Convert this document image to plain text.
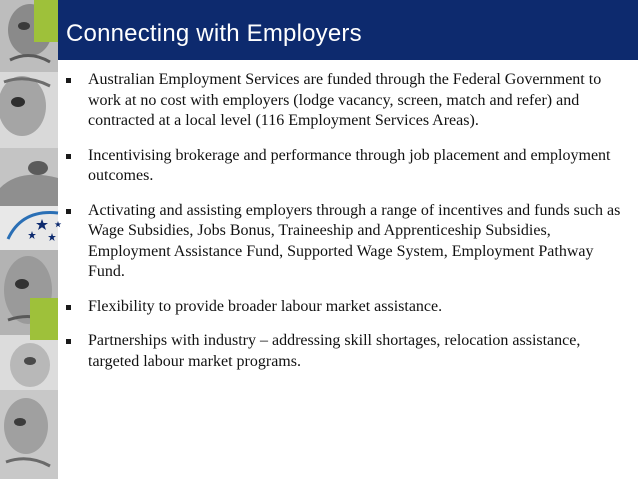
Connecting with Employers
Australian Employment Services are funded through the Federal Government to work at no cost with employers (lodge vacancy, screen, match and refer) and contracted at a local level (116 Employment Services Areas).
Incentivising brokerage and performance through job placement and employment outcomes.
Activating and assisting employers through a range of incentives and funds such as Wage Subsidies, Jobs Bonus, Traineeship and Apprenticeship Subsidies, Employment Assistance Fund, Supported Wage System, Employment Pathway Fund.
Flexibility to provide broader labour market assistance.
Partnerships with industry – addressing skill shortages, relocation assistance, targeted labour market programs.
